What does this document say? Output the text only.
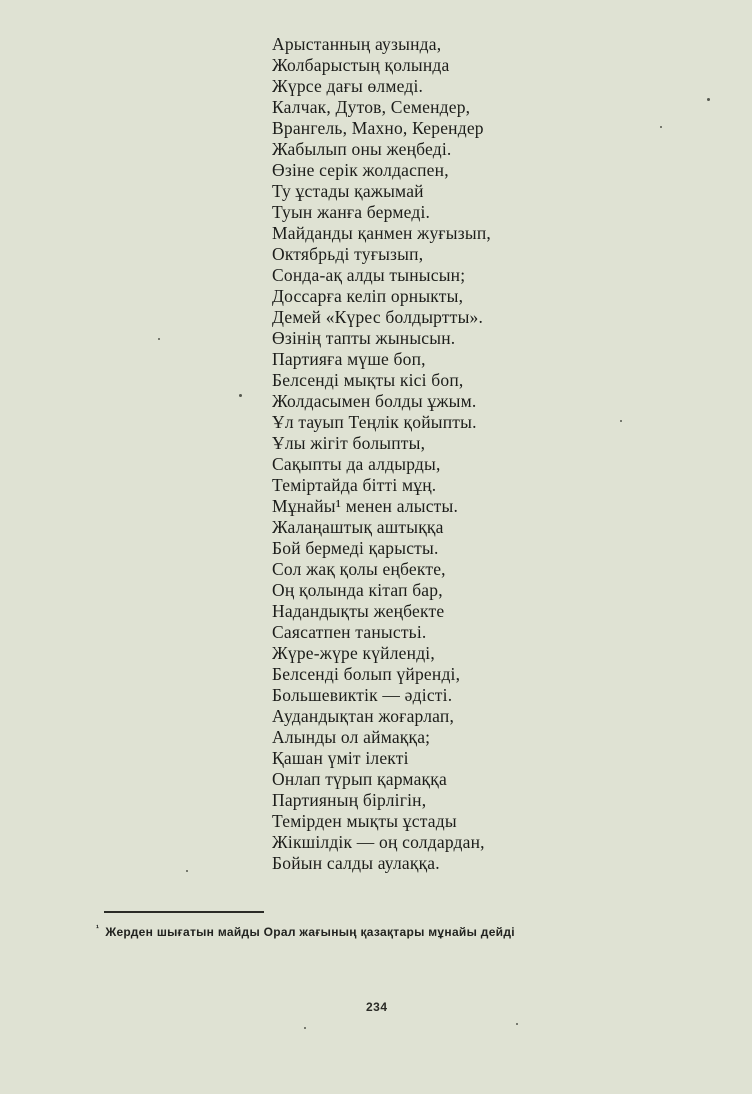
Арыстанның аузында,
Жолбарыстың қолында
Жүрсе дағы өлмеді.
Калчак, Дутов, Семендер,
Врангель, Махно, Керендер
Жабылып оны жеңбеді.
Өзіне серік жолдаспен,
Ту ұстады қажымай
Туын жанға бермеді.
Майданды қанмен жуғызып,
Октябрьді туғызып,
Сонда-ақ алды тынысын;
Доссарға келіп орныкты,
Демей «Күрес болдыртты».
Өзінің тапты жынысын.
Партияға мүше боп,
Белсенді мықты кісі боп,
Жолдасымен болды ұжым.
Ұл тауып Теңлік қойыпты.
Ұлы жігіт болыпты,
Сақыпты да алдырды,
Теміртайда бітті мұң.
Мұнайы¹ менен алысты.
Жалаңаштық аштыққа
Бой бермеді қарысты.
Сол жақ қолы еңбекте,
Оң қолында кітап бар,
Надандықты жеңбекте
Саясатпен таныстьі.
Жүре-жүре күйленді,
Белсенді болып үйренді,
Большевиктік — әдісті.
Аудандықтан жоғарлап,
Алынды ол аймаққа;
Қашан үміт ілекті
Онлап түрып қармаққа
Партияның бірлігін,
Темірден мықты ұстады
Жікшілдік — оң солдардан,
Бойын салды аулаққа.
$^{^1}$ Жерден шығатын майды Орал жағының қазақтары мұнайы дейді
234
